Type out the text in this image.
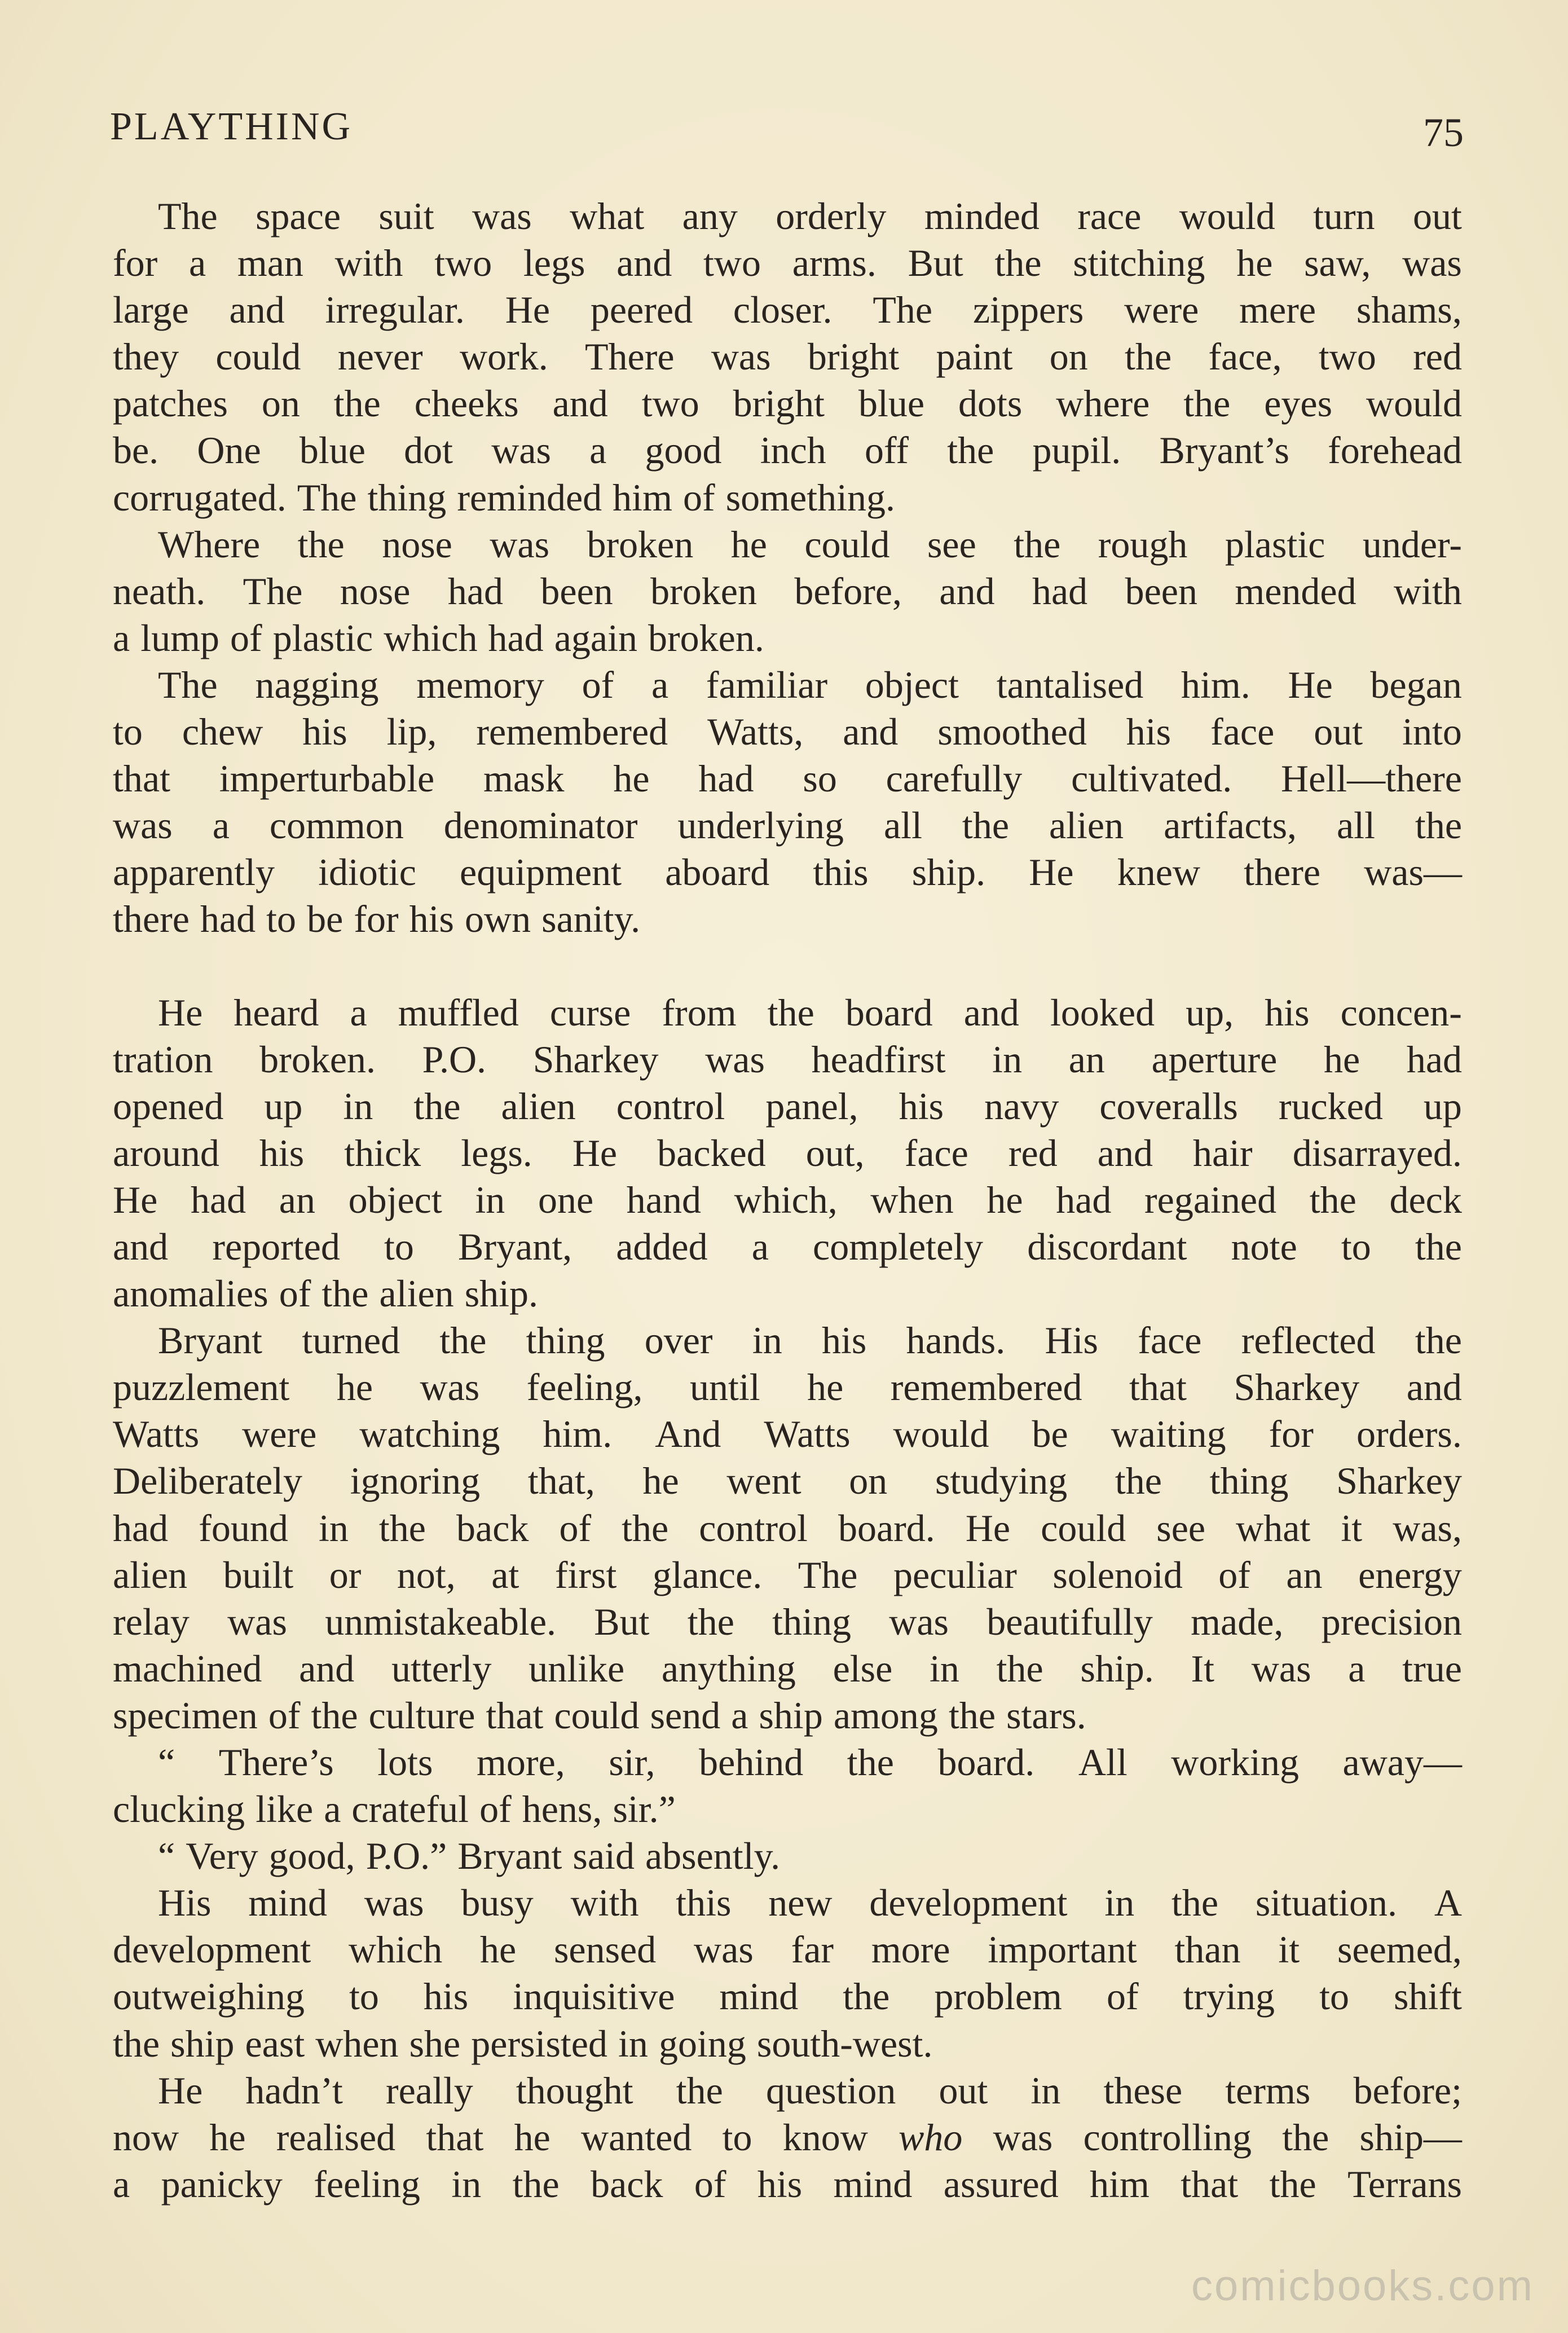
PLAYTHING	75
The space suit was what any orderly minded race would turn out
for a man with two legs and two arms. But the stitching he saw, was
large and irregular. He peered closer. The zippers were mere shams,
they could never work. There was bright paint on the face, two red
patches on the cheeks and two bright blue dots where the eyes would
be. One blue dot was a good inch off the pupil. Bryant’s forehead
corrugated. The thing reminded him of something.
Where the nose was broken he could see the rough plastic under-
neath. The nose had been broken before, and had been mended with
a lump of plastic which had again broken.
The nagging memory of a familiar object tantalised him. He began
to chew his lip, remembered Watts, and smoothed his face out into
that imperturbable mask he had so carefully cultivated. Hell—there
was a common denominator underlying all the alien artifacts, all the
apparently idiotic equipment aboard this ship. He knew there was—
there had to be for his own sanity.
He heard a muffled curse from the board and looked up, his concen-
tration broken. P.O. Sharkey was headfirst in an aperture he had
opened up in the alien control panel, his navy coveralls rucked up
around his thick legs. He backed out, face red and hair disarrayed.
He had an object in one hand which, when he had regained the deck
and reported to Bryant, added a completely discordant note to the
anomalies of the alien ship.
Bryant turned the thing over in his hands. His face reflected the
puzzlement he was feeling, until he remembered that Sharkey and
Watts were watching him. And Watts would be waiting for orders.
Deliberately ignoring that, he went on studying the thing Sharkey
had found in the back of the control board. He could see what it was,
alien built or not, at first glance. The peculiar solenoid of an energy
relay was unmistakeable. But the thing was beautifully made, precision
machined and utterly unlike anything else in the ship. It was a true
specimen of the culture that could send a ship among the stars.
“ There’s lots more, sir, behind the board. All working away—
clucking like a crateful of hens, sir.”
“ Very good, P.O.” Bryant said absently.
His mind was busy with this new development in the situation. A
development which he sensed was far more important than it seemed,
outweighing to his inquisitive mind the problem of trying to shift
the ship east when she persisted in going south-west.
He hadn’t really thought the question out in these terms before;
now he realised that he wanted to know who was controlling the ship—
a panicky feeling in the back of his mind assured him that the Terrans
comicbooks.com
